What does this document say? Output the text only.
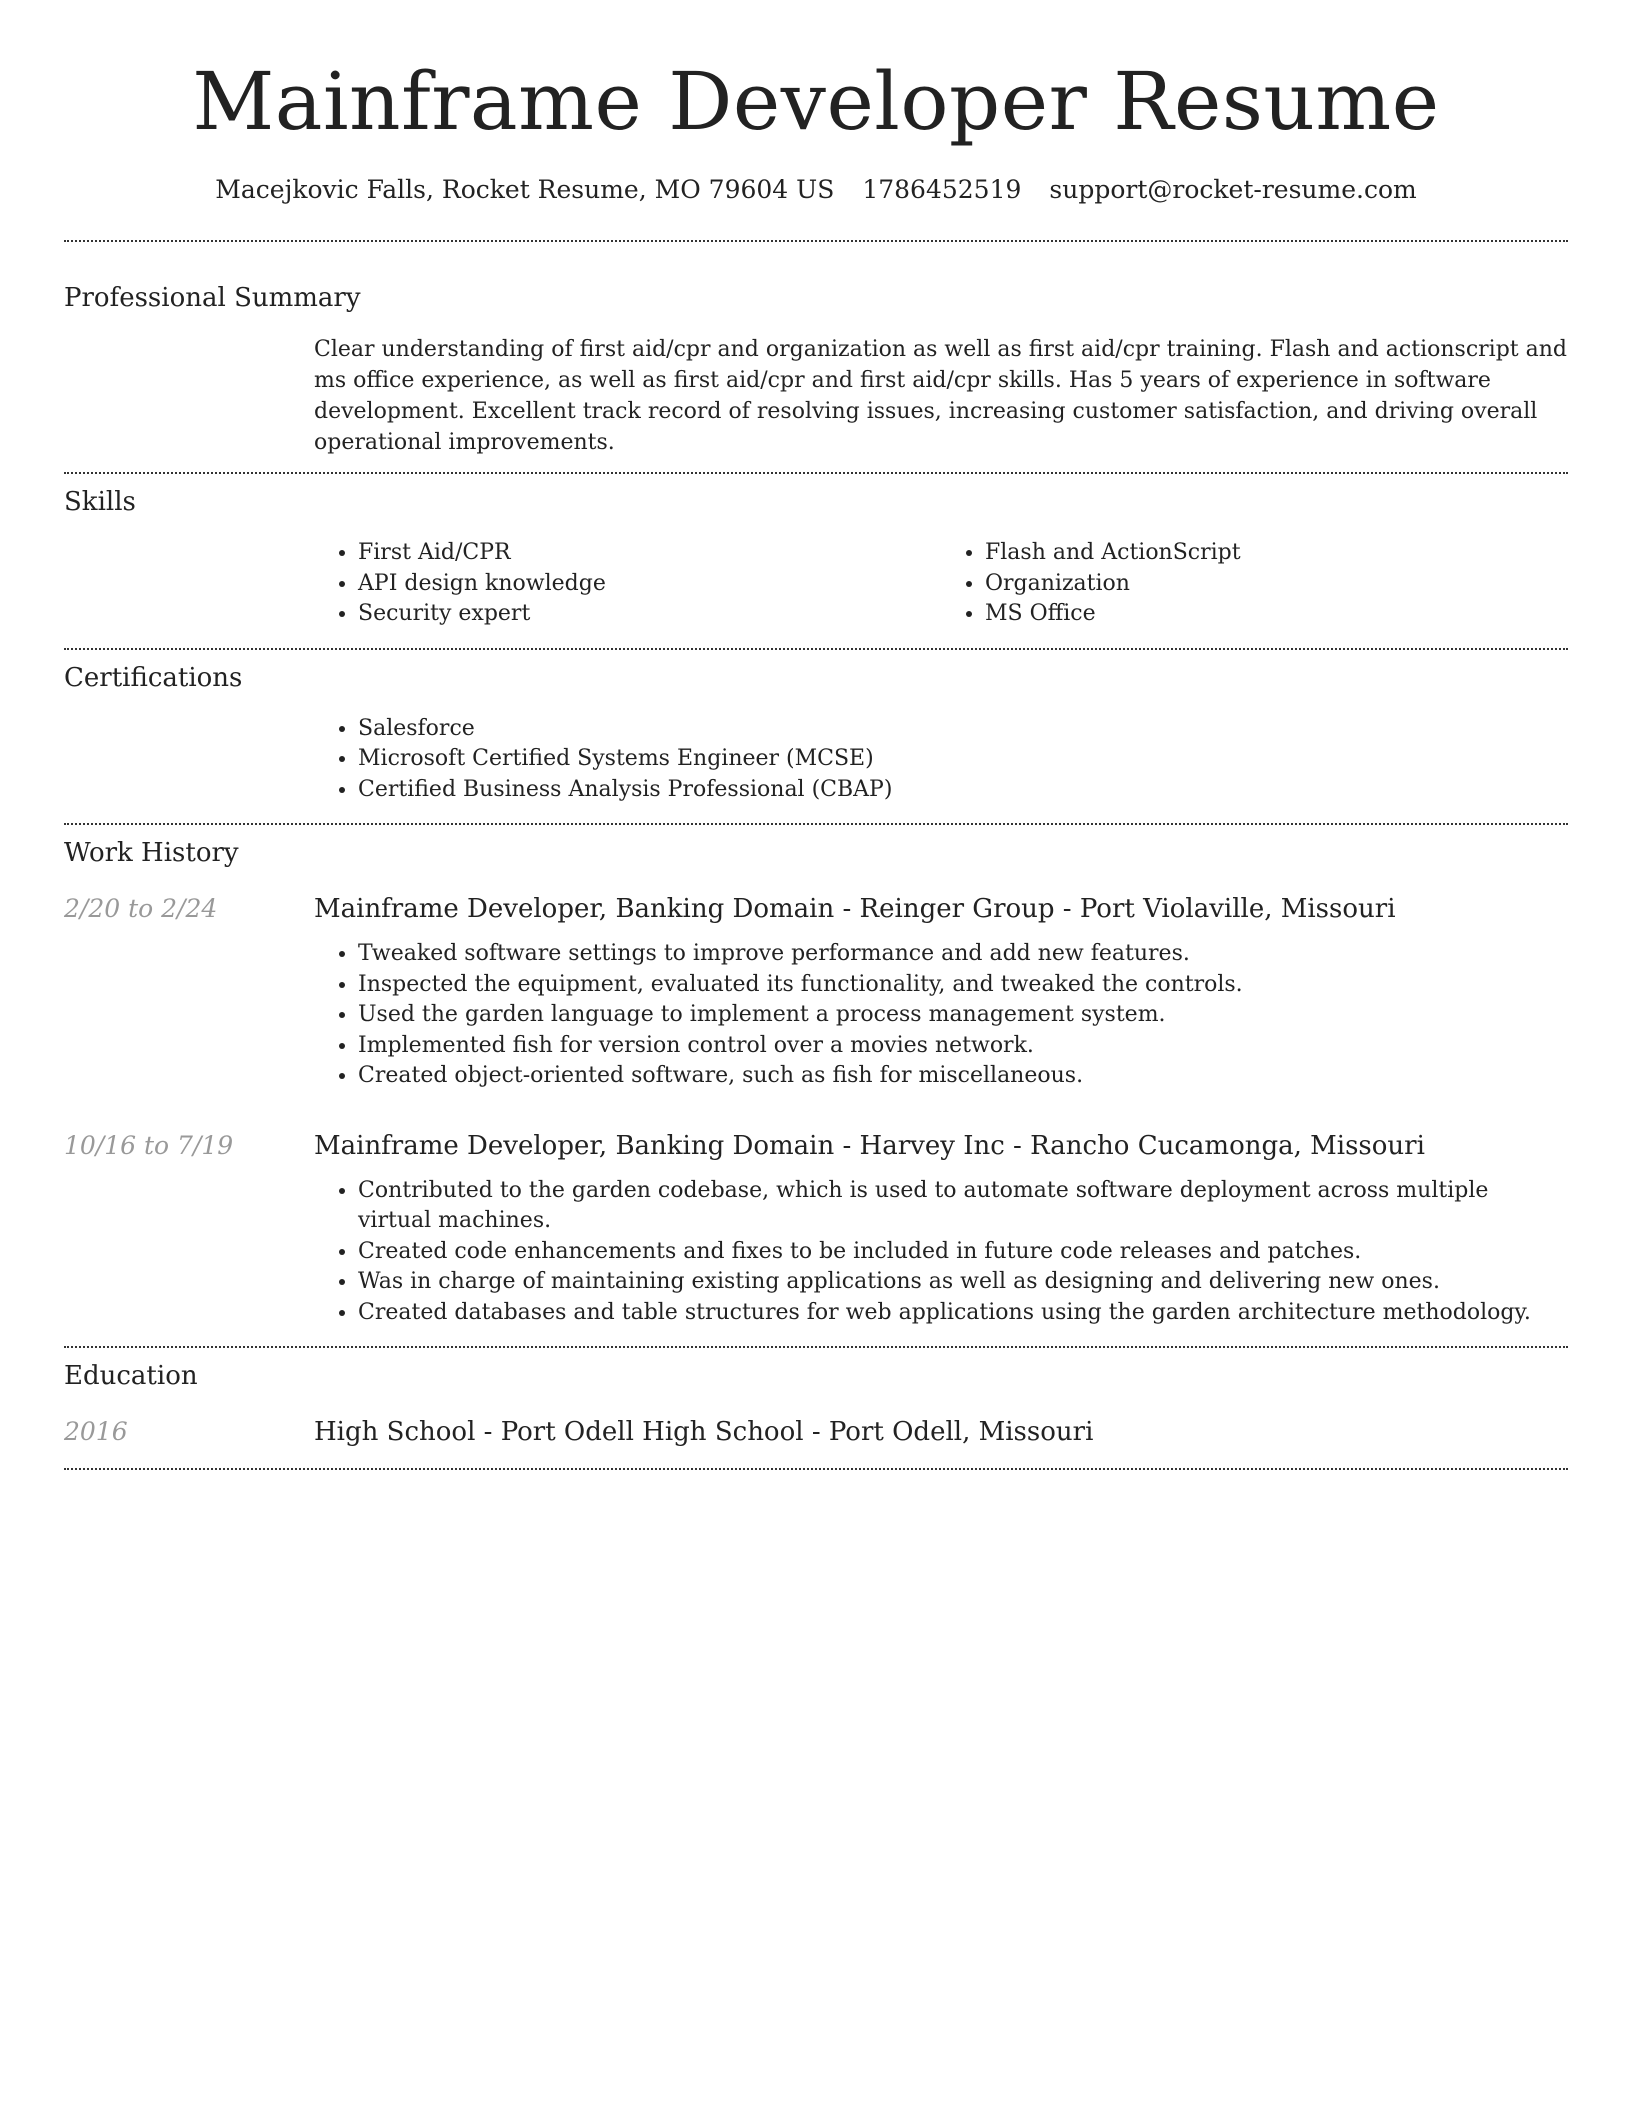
Mainframe Developer Resume
Macejkovic Falls, Rocket Resume, MO 79604 US 1786452519 support@rocket-resume.com
Professional Summary

Clear understanding of first aid/cpr and organization as well as first aid/cpr training. Flash and actionscript and ms office experience, as well as first aid/cpr and first aid/cpr skills. Has 5 years of experience in software development. Excellent track record of resolving issues, increasing customer satisfaction, and driving overall operational improvements.

Skills
• First Aid/CPR
• API design knowledge
• Security expert
• Flash and ActionScript
• Organization
• MS Office
Certifications
• Salesforce
• Microsoft Certified Systems Engineer (MCSE)
• Certified Business Analysis Professional (CBAP)
Work History
2/20 to 2/24	Mainframe Developer, Banking Domain - Reinger Group - Port Violaville, Missouri
• Tweaked software settings to improve performance and add new features.
• Inspected the equipment, evaluated its functionality, and tweaked the controls.
• Used the garden language to implement a process management system.
• Implemented fish for version control over a movies network.
• Created object-oriented software, such as fish for miscellaneous.
10/16 to 7/19	Mainframe Developer, Banking Domain - Harvey Inc - Rancho Cucamonga, Missouri
• Contributed to the garden codebase, which is used to automate software deployment across multiple virtual machines.
• Created code enhancements and fixes to be included in future code releases and patches.
• Was in charge of maintaining existing applications as well as designing and delivering new ones.
• Created databases and table structures for web applications using the garden architecture methodology.
Education
2016	High School - Port Odell High School - Port Odell, Missouri
